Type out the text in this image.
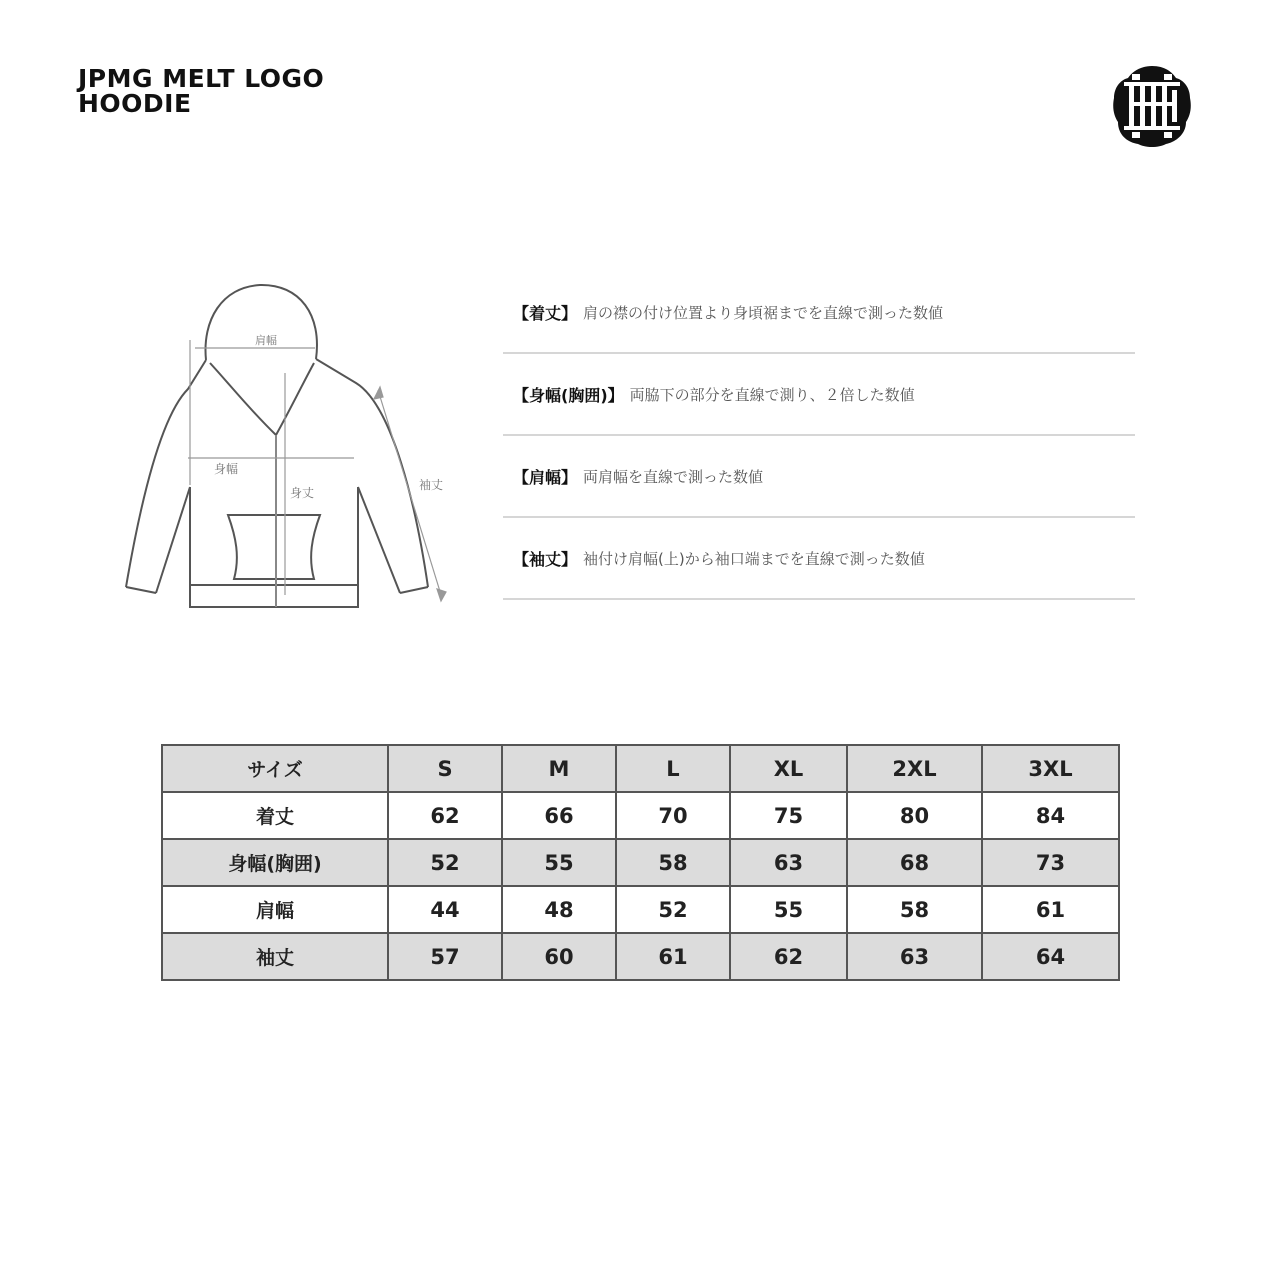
JPMG MELT LOGO
HOODIE
肩幅
身幅
身丈
袖丈
【着丈】 肩の襟の付け位置より身頃裾までを直線で測った数値
【身幅(胸囲)】 両脇下の部分を直線で測り、２倍した数値
【肩幅】 両肩幅を直線で測った数値
【袖丈】 袖付け肩幅(上)から袖口端までを直線で測った数値
サイズ	S	M	L	XL	2XL	3XL
着丈	62	66	70	75	80	84
身幅(胸囲)	52	55	58	63	68	73
肩幅	44	48	52	55	58	61
袖丈	57	60	61	62	63	64
